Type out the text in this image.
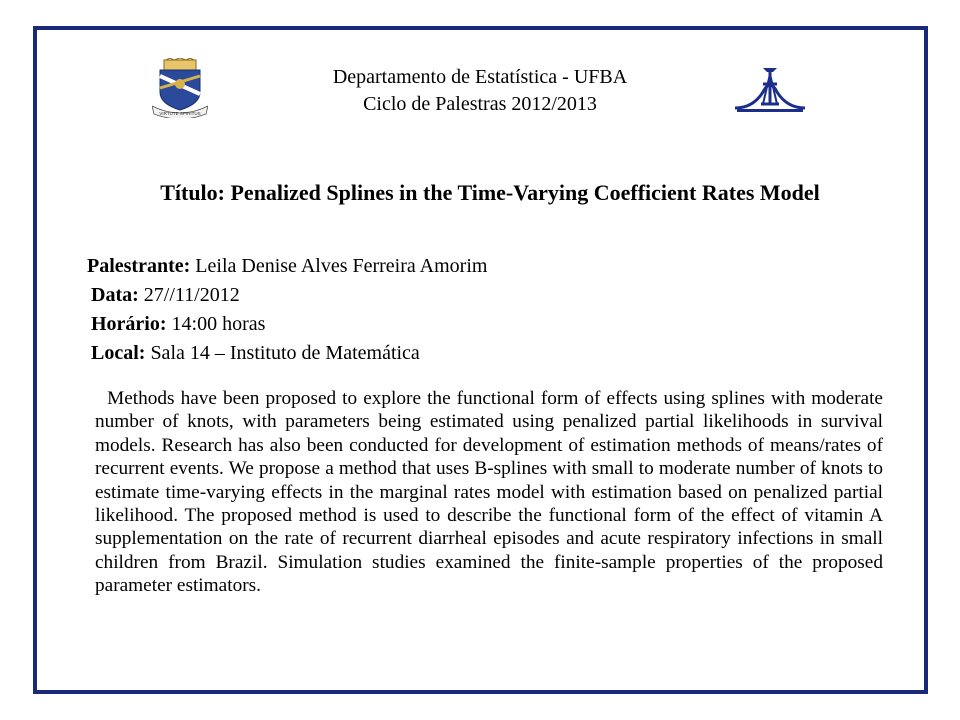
VIRTUTE SPIRITUS
Departamento de Estatística - UFBA
Ciclo de Palestras 2012/2013
Título: Penalized Splines in the Time-Varying Coefficient Rates Model
Palestrante: Leila Denise Alves Ferreira Amorim
Data: 27//11/2012
Horário: 14:00 horas
Local: Sala 14 – Instituto de Matemática
Methods have been proposed to explore the functional form of effects using splines with moderate number of knots, with parameters being estimated using penalized partial likelihoods in survival models. Research has also been conducted for development of estimation methods of means/rates of recurrent events. We propose a method that uses B-splines with small to moderate number of knots to estimate time-varying effects in the marginal rates model with estimation based on penalized partial likelihood. The proposed method is used to describe the functional form of the effect of vitamin A supplementation on the rate of recurrent diarrheal episodes and acute respiratory infections in small children from Brazil. Simulation studies examined the finite-sample properties of the proposed parameter estimators.
